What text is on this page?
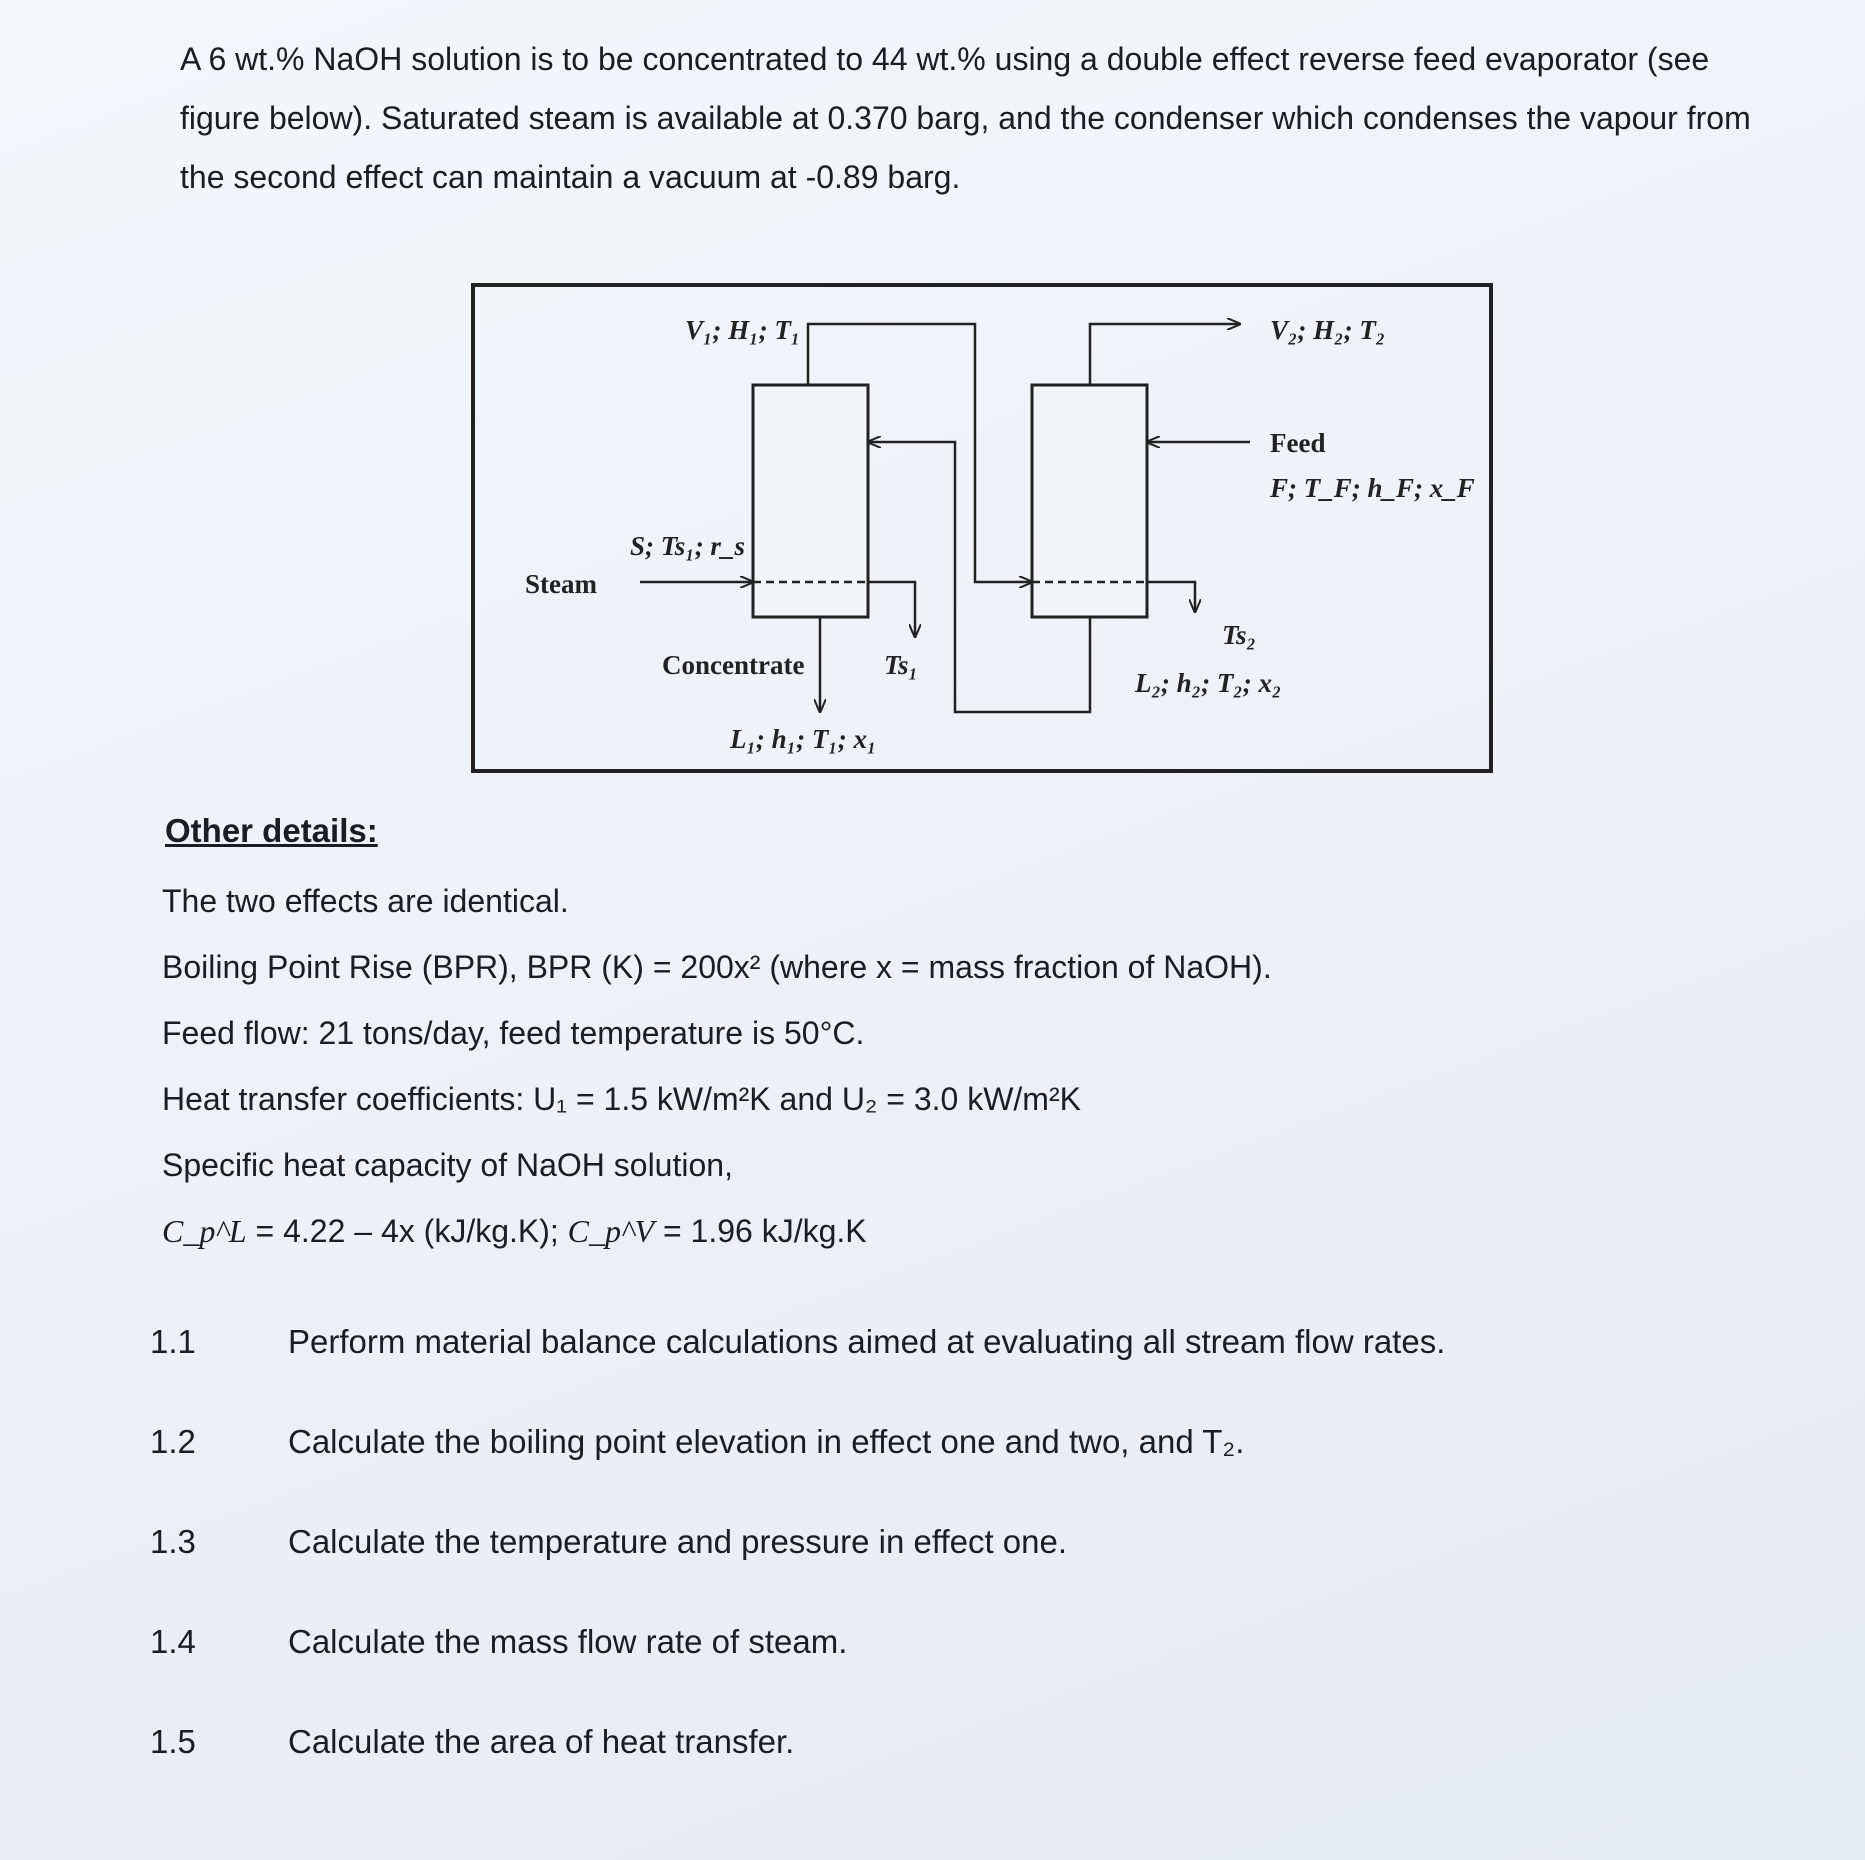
A 6 wt.% NaOH solution is to be concentrated to 44 wt.% using a double effect reverse feed evaporator (see figure below). Saturated steam is available at 0.370 barg, and the condenser which condenses the vapour from the second effect can maintain a vacuum at -0.89 barg.
V₁; H₁; T₁	V₂; H₂; T₂
Feed
F; T_F; h_F; x_F
Steam
S; Ts₁; r_s
Concentrate	Ts₁
Ts₂
L₁; h₁; T₁; x₁
L₂; h₂; T₂; x₂
Other details:
The two effects are identical.
Boiling Point Rise (BPR), BPR (K) = 200x² (where x = mass fraction of NaOH).
Feed flow: 21 tons/day, feed temperature is 50°C.
Heat transfer coefficients: U₁ = 1.5 kW/m²K and U₂ = 3.0 kW/m²K
Specific heat capacity of NaOH solution,
C_p^L = 4.22 – 4x (kJ/kg.K); C_p^V = 1.96 kJ/kg.K
1.1	Perform material balance calculations aimed at evaluating all stream flow rates.
1.2	Calculate the boiling point elevation in effect one and two, and T₂.
1.3	Calculate the temperature and pressure in effect one.
1.4	Calculate the mass flow rate of steam.
1.5	Calculate the area of heat transfer.
